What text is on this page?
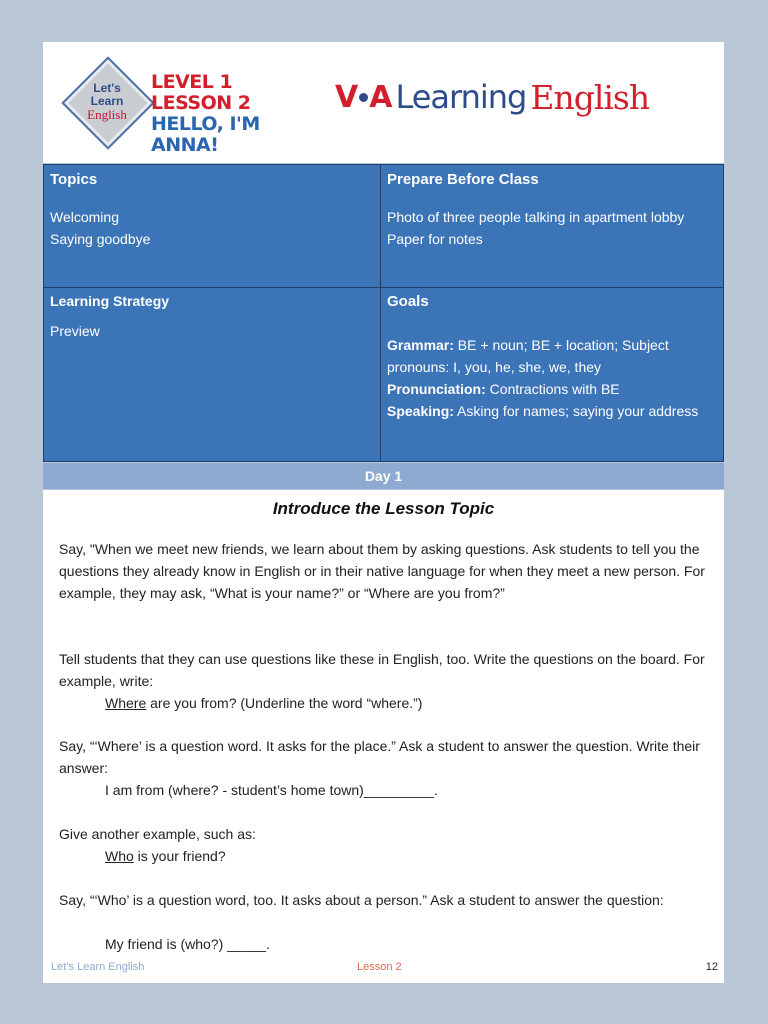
Let's
Learn
English
LEVEL 1
LESSON 2
HELLO, I'M
ANNA!
V A Learning English
Topics
Welcoming
Saying goodbye
Prepare Before Class
Photo of three people talking in apartment lobby
Paper for notes
Learning Strategy
Preview
Goals
Grammar: BE + noun; BE + location; Subject pronouns: I, you, he, she, we, they
Pronunciation: Contractions with BE
Speaking: Asking for names; saying your address
Day 1
Introduce the Lesson Topic
Say, "When we meet new friends, we learn about them by asking questions. Ask students to tell you the questions they already know in English or in their native language for when they meet a new person. For example, they may ask, “What is your name?” or “Where are you from?”
Tell students that they can use questions like these in English, too. Write the questions on the board. For example, write:
Where are you from? (Underline the word “where.”)
Say, “‘Where’ is a question word. It asks for the place.” Ask a student to answer the question. Write their answer:
I am from (where? - student’s home town)_________.
Give another example, such as:
Who is your friend?
Say, “‘Who’ is a question word, too. It asks about a person.” Ask a student to answer the question:
My friend is (who?) _____.
Let’s Learn English	Lesson 2	12
